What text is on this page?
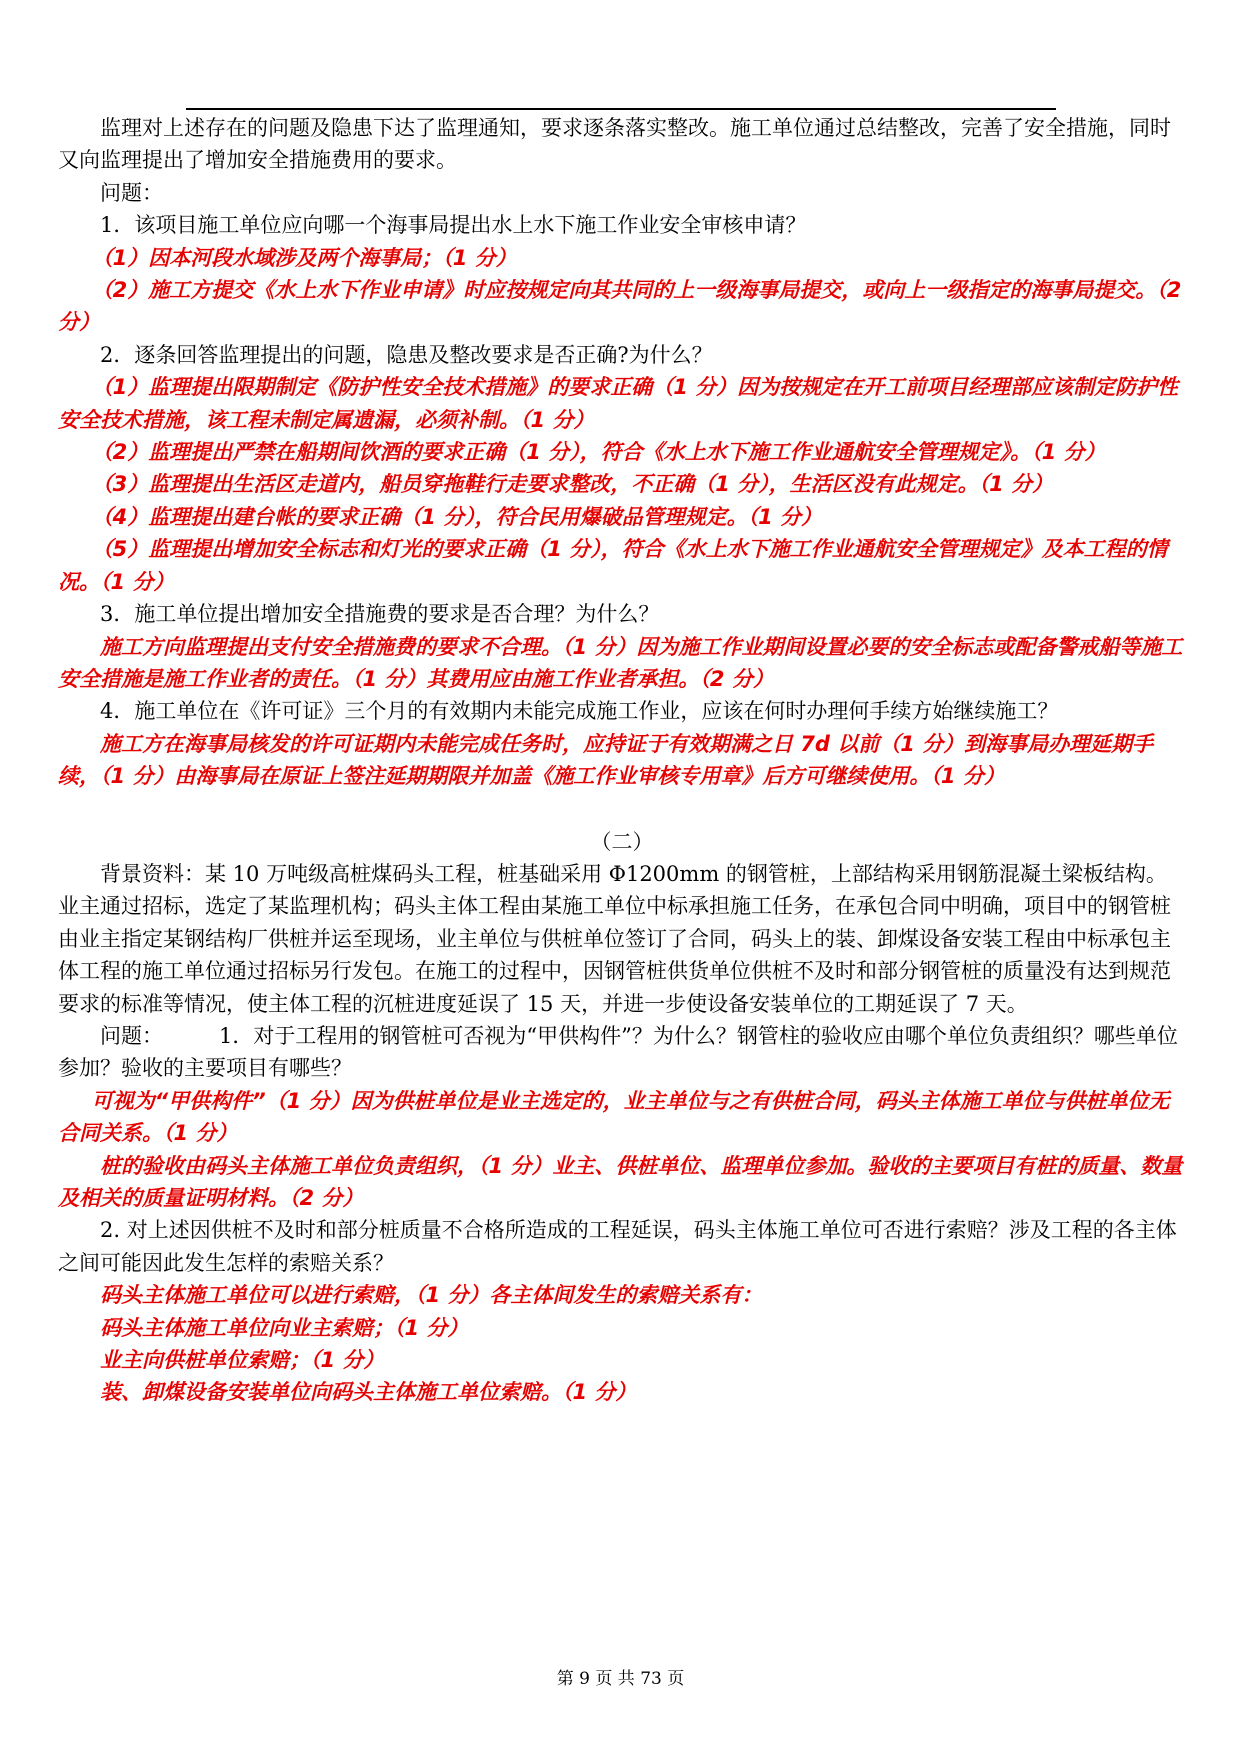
监理对上述存在的问题及隐患下达了监理通知，要求逐条落实整改。施工单位通过总结整改，完善了安全措施，同时又向监理提出了增加安全措施费用的要求。

问题：

1．该项目施工单位应向哪一个海事局提出水上水下施工作业安全审核申请？

（1）因本河段水域涉及两个海事局；（1 分）

（2）施工方提交《水上水下作业申请》时应按规定向其共同的上一级海事局提交，或向上一级指定的海事局提交。（2 分）

2．逐条回答监理提出的问题，隐患及整改要求是否正确?为什么？

（1）监理提出限期制定《防护性安全技术措施》的要求正确（1 分）因为按规定在开工前项目经理部应该制定防护性安全技术措施，该工程未制定属遗漏，必须补制。（1 分）

（2）监理提出严禁在船期间饮酒的要求正确（1 分），符合《水上水下施工作业通航安全管理规定》。（1 分）

（3）监理提出生活区走道内，船员穿拖鞋行走要求整改，不正确（1 分），生活区没有此规定。（1 分）

（4）监理提出建台帐的要求正确（1 分），符合民用爆破品管理规定。（1 分）

（5）监理提出增加安全标志和灯光的要求正确（1 分），符合《水上水下施工作业通航安全管理规定》及本工程的情况。（1 分）

3．施工单位提出增加安全措施费的要求是否合理？为什么？

施工方向监理提出支付安全措施费的要求不合理。（1 分）因为施工作业期间设置必要的安全标志或配备警戒船等施工安全措施是施工作业者的责任。（1 分）其费用应由施工作业者承担。（2 分）

4．施工单位在《许可证》三个月的有效期内未能完成施工作业，应该在何时办理何手续方始继续施工？

施工方在海事局核发的许可证期内未能完成任务时，应持证于有效期满之日 7d 以前（1 分）到海事局办理延期手续，（1 分）由海事局在原证上签注延期期限并加盖《施工作业审核专用章》后方可继续使用。（1 分）

（二）

背景资料：某 10 万吨级高桩煤码头工程，桩基础采用 Φ1200mm 的钢管桩，上部结构采用钢筋混凝土梁板结构。业主通过招标，选定了某监理机构；码头主体工程由某施工单位中标承担施工任务，在承包合同中明确，项目中的钢管桩由业主指定某钢结构厂供桩并运至现场，业主单位与供桩单位签订了合同，码头上的装、卸煤设备安装工程由中标承包主体工程的施工单位通过招标另行发包。在施工的过程中，因钢管桩供货单位供桩不及时和部分钢管桩的质量没有达到规范要求的标准等情况，使主体工程的沉桩进度延误了 15 天，并进一步使设备安装单位的工期延误了 7 天。

问题：	1．对于工程用的钢管桩可否视为“甲供构件”？为什么？钢管柱的验收应由哪个单位负责组织？哪些单位参加？验收的主要项目有哪些？

可视为“甲供构件”（1 分）因为供桩单位是业主选定的，业主单位与之有供桩合同，码头主体施工单位与供桩单位无合同关系。（1 分）

桩的验收由码头主体施工单位负责组织，（1 分）业主、供桩单位、监理单位参加。验收的主要项目有桩的质量、数量及相关的质量证明材料。（2 分）

2. 对上述因供桩不及时和部分桩质量不合格所造成的工程延误，码头主体施工单位可否进行索赔？涉及工程的各主体之间可能因此发生怎样的索赔关系？

码头主体施工单位可以进行索赔，（1 分）各主体间发生的索赔关系有：

码头主体施工单位向业主索赔；（1 分）

业主向供桩单位索赔；（1 分）

装、卸煤设备安装单位向码头主体施工单位索赔。（1 分）

第 9 页 共 73 页
